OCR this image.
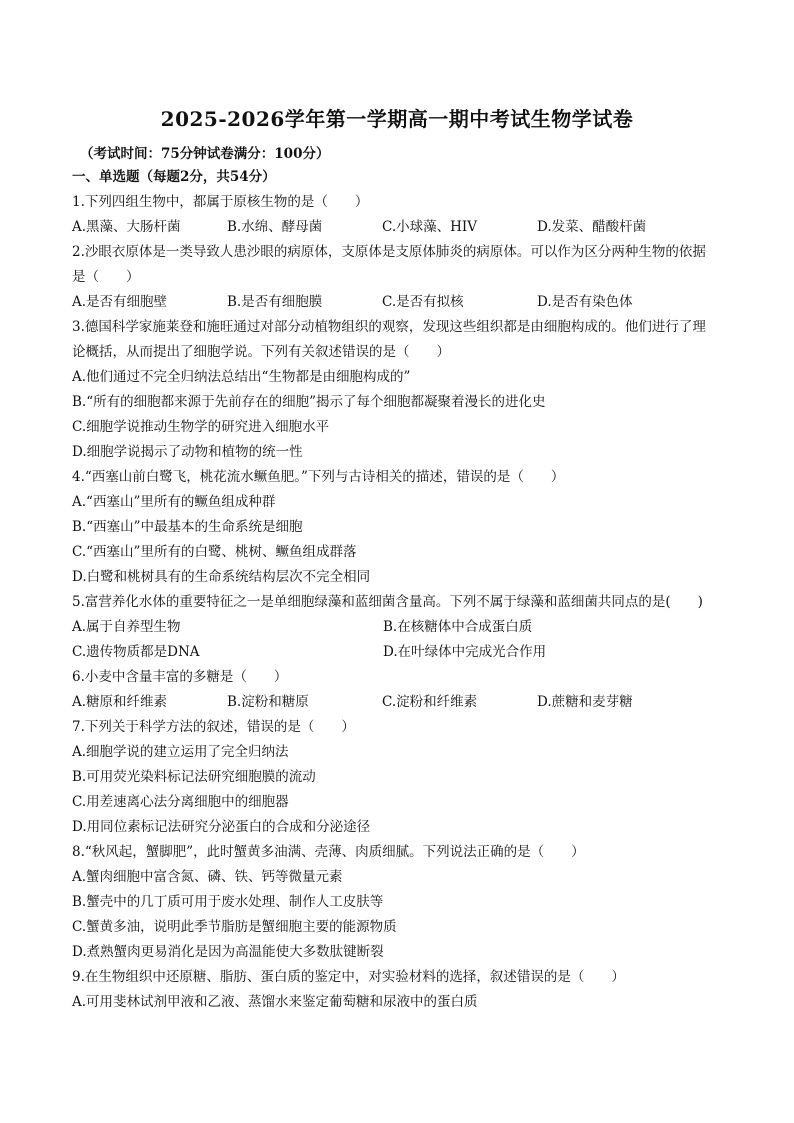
2025-2026学年第一学期高一期中考试生物学试卷
（考试时间：75分钟试卷满分：100分）
一、单选题（每题2分，共54分）
1.下列四组生物中，都属于原核生物的是（　　）
A.黑藻、大肠杆菌	B.水绵、酵母菌	C.小球藻、HIV	D.发菜、醋酸杆菌
2.沙眼衣原体是一类导致人患沙眼的病原体，支原体是支原体肺炎的病原体。可以作为区分两种生物的依据
是（　　）
A.是否有细胞壁	B.是否有细胞膜	C.是否有拟核	D.是否有染色体
3.德国科学家施莱登和施旺通过对部分动植物组织的观察，发现这些组织都是由细胞构成的。他们进行了理
论概括，从而提出了细胞学说。下列有关叙述错误的是（　　）
A.他们通过不完全归纳法总结出“生物都是由细胞构成的”
B.“所有的细胞都来源于先前存在的细胞”揭示了每个细胞都凝聚着漫长的进化史
C.细胞学说推动生物学的研究进入细胞水平
D.细胞学说揭示了动物和植物的统一性
4.“西塞山前白鹭飞，桃花流水鳜鱼肥。”下列与古诗相关的描述，错误的是（　　）
A.“西塞山”里所有的鳜鱼组成种群
B.“西塞山”中最基本的生命系统是细胞
C.“西塞山”里所有的白鹭、桃树、鳜鱼组成群落
D.白鹭和桃树具有的生命系统结构层次不完全相同
5.富营养化水体的重要特征之一是单细胞绿藻和蓝细菌含量高。下列不属于绿藻和蓝细菌共同点的是(　　)
A.属于自养型生物	B.在核糖体中合成蛋白质
C.遗传物质都是DNA	D.在叶绿体中完成光合作用
6.小麦中含量丰富的多糖是（　　）
A.糖原和纤维素	B.淀粉和糖原	C.淀粉和纤维素	D.蔗糖和麦芽糖
7.下列关于科学方法的叙述，错误的是（　　）
A.细胞学说的建立运用了完全归纳法
B.可用荧光染料标记法研究细胞膜的流动
C.用差速离心法分离细胞中的细胞器
D.用同位素标记法研究分泌蛋白的合成和分泌途径
8.“秋风起，蟹脚肥”，此时蟹黄多油满、壳薄、肉质细腻。下列说法正确的是（　　）
A.蟹肉细胞中富含氮、磷、铁、钙等微量元素
B.蟹壳中的几丁质可用于废水处理、制作人工皮肤等
C.蟹黄多油，说明此季节脂肪是蟹细胞主要的能源物质
D.煮熟蟹肉更易消化是因为高温能使大多数肽键断裂
9.在生物组织中还原糖、脂肪、蛋白质的鉴定中，对实验材料的选择，叙述错误的是（　　）
A.可用斐林试剂甲液和乙液、蒸馏水来鉴定葡萄糖和尿液中的蛋白质
